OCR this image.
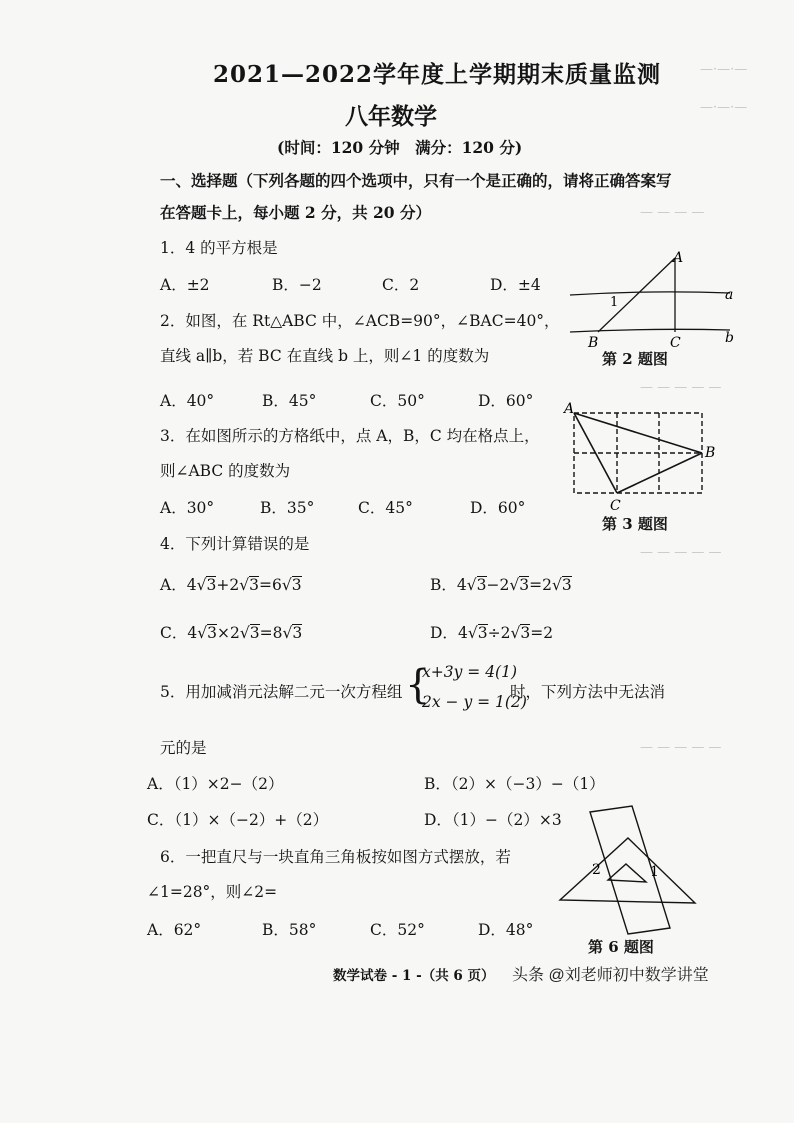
—·—·—
—·—·—
— — — —
— — — — —
— — — — —
— — — — —
2021—2022学年度上学期期末质量监测
八年数学
(时间：120 分钟　满分：120 分)
一、选择题（下列各题的四个选项中，只有一个是正确的，请将正确答案写
在答题卡上，每小题 2 分，共 20 分）
1．4 的平方根是
A．±2	B．−2	C．2	D．±4
2．如图，在 Rt△ABC 中，∠ACB=90°，∠BAC=40°，
直线 a∥b，若 BC 在直线 b 上，则∠1 的度数为
A．40°	B．45°	C．50°	D．60°
A
B	C
a
b
1
第 2 题图
3．在如图所示的方格纸中，点 A，B，C 均在格点上，
则∠ABC 的度数为
A．30°	B．35°	C．45°	D．60°
A
B
C
第 3 题图
4．下列计算错误的是
A．4√3+2√3=6√3	B．4√3−2√3=2√3
C．4√3×2√3=8√3	D．4√3÷2√3=2
5．用加减消元法解二元一次方程组 {
x+3y = 4(1)
2x − y = 1(2)
时，下列方法中无法消
元的是
A．（1）×2−（2）	B．（2）×（−3）−（1）
C．（1）×（−2）+（2）	D．（1）−（2）×3
6．一把直尺与一块直角三角板按如图方式摆放，若
∠1=28°，则∠2=
A．62°	B．58°	C．52°	D．48°
2	1
第 6 题图
数学试卷 - 1 -（共 6 页） 头条 @刘老师初中数学讲堂
